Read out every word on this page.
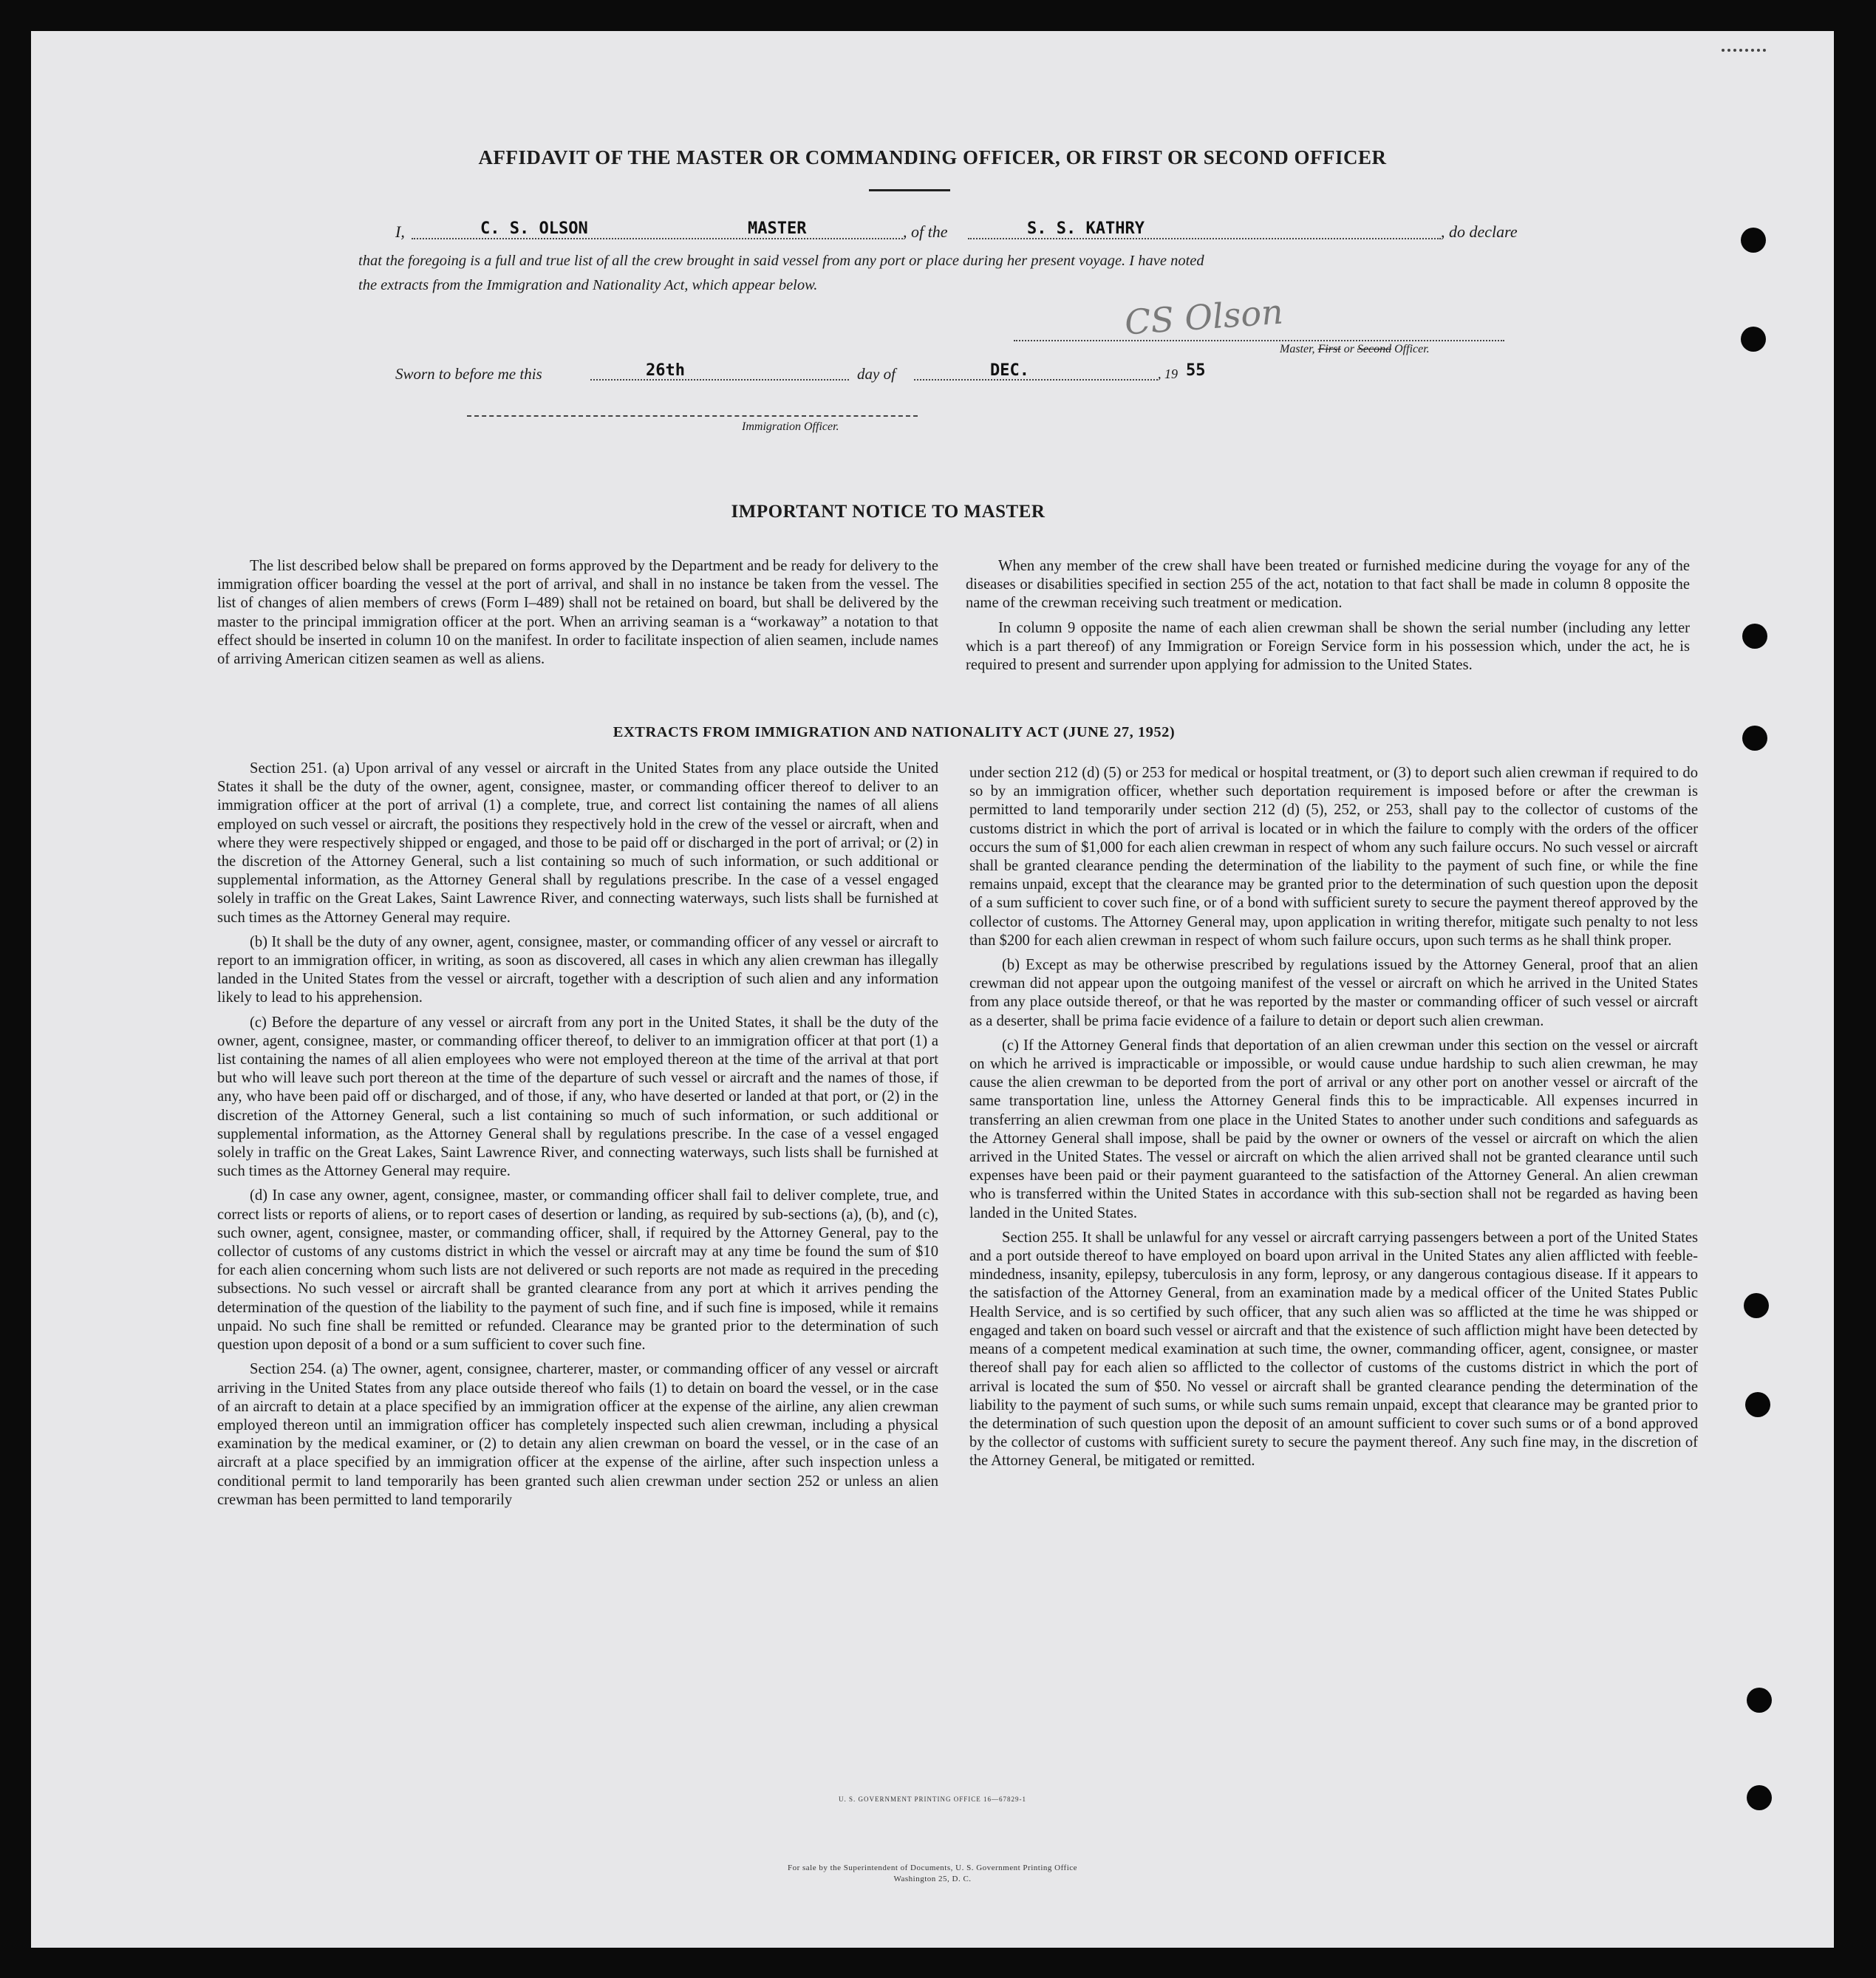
AFFIDAVIT OF THE MASTER OR COMMANDING OFFICER, OR FIRST OR SECOND OFFICER
I,	C. S. OLSON	MASTER	, of the	S. S. KATHRY	, do declare
that the foregoing is a full and true list of all the crew brought in said vessel from any port or place during her present voyage. I have noted
the extracts from the Immigration and Nationality Act, which appear below.
CS Olson
Master, First or Second Officer.
Sworn to before me this	26th	day of	DEC.	, 19 55
Immigration Officer.
IMPORTANT NOTICE TO MASTER

The list described below shall be prepared on forms approved by the Department and be ready for delivery to the immigration officer boarding the vessel at the port of arrival, and shall in no instance be taken from the vessel. The list of changes of alien members of crews (Form I–489) shall not be retained on board, but shall be delivered by the master to the principal immigration officer at the port. When an arriving seaman is a “workaway” a notation to that effect should be inserted in column 10 on the manifest. In order to facilitate inspection of alien seamen, include names of arriving American citizen seamen as well as aliens.

When any member of the crew shall have been treated or furnished medicine during the voyage for any of the diseases or disabilities specified in section 255 of the act, notation to that fact shall be made in column 8 opposite the name of the crewman receiving such treatment or medication.

In column 9 opposite the name of each alien crewman shall be shown the serial number (including any letter which is a part thereof) of any Immigration or Foreign Service form in his possession which, under the act, he is required to present and surrender upon applying for admission to the United States.

EXTRACTS FROM IMMIGRATION AND NATIONALITY ACT (JUNE 27, 1952)

Section 251. (a) Upon arrival of any vessel or aircraft in the United States from any place outside the United States it shall be the duty of the owner, agent, consignee, master, or commanding officer thereof to deliver to an immigration officer at the port of arrival (1) a complete, true, and correct list containing the names of all aliens employed on such vessel or aircraft, the positions they respectively hold in the crew of the vessel or aircraft, when and where they were respectively shipped or engaged, and those to be paid off or discharged in the port of arrival; or (2) in the discretion of the Attorney General, such a list containing so much of such information, or such additional or supplemental information, as the Attorney General shall by regulations prescribe. In the case of a vessel engaged solely in traffic on the Great Lakes, Saint Lawrence River, and connecting waterways, such lists shall be furnished at such times as the Attorney General may require.

(b) It shall be the duty of any owner, agent, consignee, master, or commanding officer of any vessel or aircraft to report to an immigration officer, in writing, as soon as discovered, all cases in which any alien crewman has illegally landed in the United States from the vessel or aircraft, together with a description of such alien and any information likely to lead to his apprehension.

(c) Before the departure of any vessel or aircraft from any port in the United States, it shall be the duty of the owner, agent, consignee, master, or commanding officer thereof, to deliver to an immigration officer at that port (1) a list containing the names of all alien employees who were not employed thereon at the time of the arrival at that port but who will leave such port thereon at the time of the departure of such vessel or aircraft and the names of those, if any, who have been paid off or discharged, and of those, if any, who have deserted or landed at that port, or (2) in the discretion of the Attorney General, such a list containing so much of such information, or such additional or supplemental information, as the Attorney General shall by regulations prescribe. In the case of a vessel engaged solely in traffic on the Great Lakes, Saint Lawrence River, and connecting waterways, such lists shall be furnished at such times as the Attorney General may require.

(d) In case any owner, agent, consignee, master, or commanding officer shall fail to deliver complete, true, and correct lists or reports of aliens, or to report cases of desertion or landing, as required by sub-sections (a), (b), and (c), such owner, agent, consignee, master, or commanding officer, shall, if required by the Attorney General, pay to the collector of customs of any customs district in which the vessel or aircraft may at any time be found the sum of $10 for each alien concerning whom such lists are not delivered or such reports are not made as required in the preceding subsections. No such vessel or aircraft shall be granted clearance from any port at which it arrives pending the determination of the question of the liability to the payment of such fine, and if such fine is imposed, while it remains unpaid. No such fine shall be remitted or refunded. Clearance may be granted prior to the determination of such question upon deposit of a bond or a sum sufficient to cover such fine.

Section 254. (a) The owner, agent, consignee, charterer, master, or commanding officer of any vessel or aircraft arriving in the United States from any place outside thereof who fails (1) to detain on board the vessel, or in the case of an aircraft to detain at a place specified by an immigration officer at the expense of the airline, any alien crewman employed thereon until an immigration officer has completely inspected such alien crewman, including a physical examination by the medical examiner, or (2) to detain any alien crewman on board the vessel, or in the case of an aircraft at a place specified by an immigration officer at the expense of the airline, after such inspection unless a conditional permit to land temporarily has been granted such alien crewman under section 252 or unless an alien crewman has been permitted to land temporarily

under section 212 (d) (5) or 253 for medical or hospital treatment, or (3) to deport such alien crewman if required to do so by an immigration officer, whether such deportation requirement is imposed before or after the crewman is permitted to land temporarily under section 212 (d) (5), 252, or 253, shall pay to the collector of customs of the customs district in which the port of arrival is located or in which the failure to comply with the orders of the officer occurs the sum of $1,000 for each alien crewman in respect of whom any such failure occurs. No such vessel or aircraft shall be granted clearance pending the determination of the liability to the payment of such fine, or while the fine remains unpaid, except that the clearance may be granted prior to the determination of such question upon the deposit of a sum sufficient to cover such fine, or of a bond with sufficient surety to secure the payment thereof approved by the collector of customs. The Attorney General may, upon application in writing therefor, mitigate such penalty to not less than $200 for each alien crewman in respect of whom such failure occurs, upon such terms as he shall think proper.

(b) Except as may be otherwise prescribed by regulations issued by the Attorney General, proof that an alien crewman did not appear upon the outgoing manifest of the vessel or aircraft on which he arrived in the United States from any place outside thereof, or that he was reported by the master or commanding officer of such vessel or aircraft as a deserter, shall be prima facie evidence of a failure to detain or deport such alien crewman.

(c) If the Attorney General finds that deportation of an alien crewman under this section on the vessel or aircraft on which he arrived is impracticable or impossible, or would cause undue hardship to such alien crewman, he may cause the alien crewman to be deported from the port of arrival or any other port on another vessel or aircraft of the same transportation line, unless the Attorney General finds this to be impracticable. All expenses incurred in transferring an alien crewman from one place in the United States to another under such conditions and safeguards as the Attorney General shall impose, shall be paid by the owner or owners of the vessel or aircraft on which the alien arrived in the United States. The vessel or aircraft on which the alien arrived shall not be granted clearance until such expenses have been paid or their payment guaranteed to the satisfaction of the Attorney General. An alien crewman who is transferred within the United States in accordance with this sub-section shall not be regarded as having been landed in the United States.

Section 255. It shall be unlawful for any vessel or aircraft carrying passengers between a port of the United States and a port outside thereof to have employed on board upon arrival in the United States any alien afflicted with feeble-mindedness, insanity, epilepsy, tuberculosis in any form, leprosy, or any dangerous contagious disease. If it appears to the satisfaction of the Attorney General, from an examination made by a medical officer of the United States Public Health Service, and is so certified by such officer, that any such alien was so afflicted at the time he was shipped or engaged and taken on board such vessel or aircraft and that the existence of such affliction might have been detected by means of a competent medical examination at such time, the owner, commanding officer, agent, consignee, or master thereof shall pay for each alien so afflicted to the collector of customs of the customs district in which the port of arrival is located the sum of $50. No vessel or aircraft shall be granted clearance pending the determination of the liability to the payment of such sums, or while such sums remain unpaid, except that clearance may be granted prior to the determination of such question upon the deposit of an amount sufficient to cover such sums or of a bond approved by the collector of customs with sufficient surety to secure the payment thereof. Any such fine may, in the discretion of the Attorney General, be mitigated or remitted.

U. S. GOVERNMENT PRINTING OFFICE 16—67829-1
For sale by the Superintendent of Documents, U. S. Government Printing Office
Washington 25, D. C.
